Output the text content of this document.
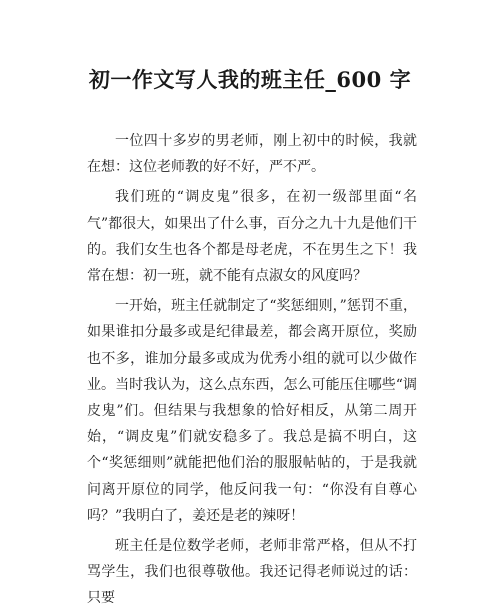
初一作文写人我的班主任_600 字

一位四十多岁的男老师，刚上初中的时候，我就在想：这位老师教的好不好，严不严。

我们班的“调皮鬼”很多，在初一级部里面“名气”都很大，如果出了什么事，百分之九十九是他们干的。我们女生也各个都是母老虎，不在男生之下！我常在想：初一班，就不能有点淑女的风度吗？

一开始，班主任就制定了“奖惩细则，”惩罚不重，如果谁扣分最多或是纪律最差，都会离开原位，奖励也不多，谁加分最多或成为优秀小组的就可以少做作业。当时我认为，这么点东西，怎么可能压住哪些“调皮鬼”们。但结果与我想象的恰好相反，从第二周开始，“调皮鬼”们就安稳多了。我总是搞不明白，这个“奖惩细则”就能把他们治的服服帖帖的，于是我就问离开原位的同学，他反问我一句：“你没有自尊心吗？”我明白了，姜还是老的辣呀！

班主任是位数学老师，老师非常严格，但从不打骂学生，我们也很尊敬他。我还记得老师说过的话：只要
